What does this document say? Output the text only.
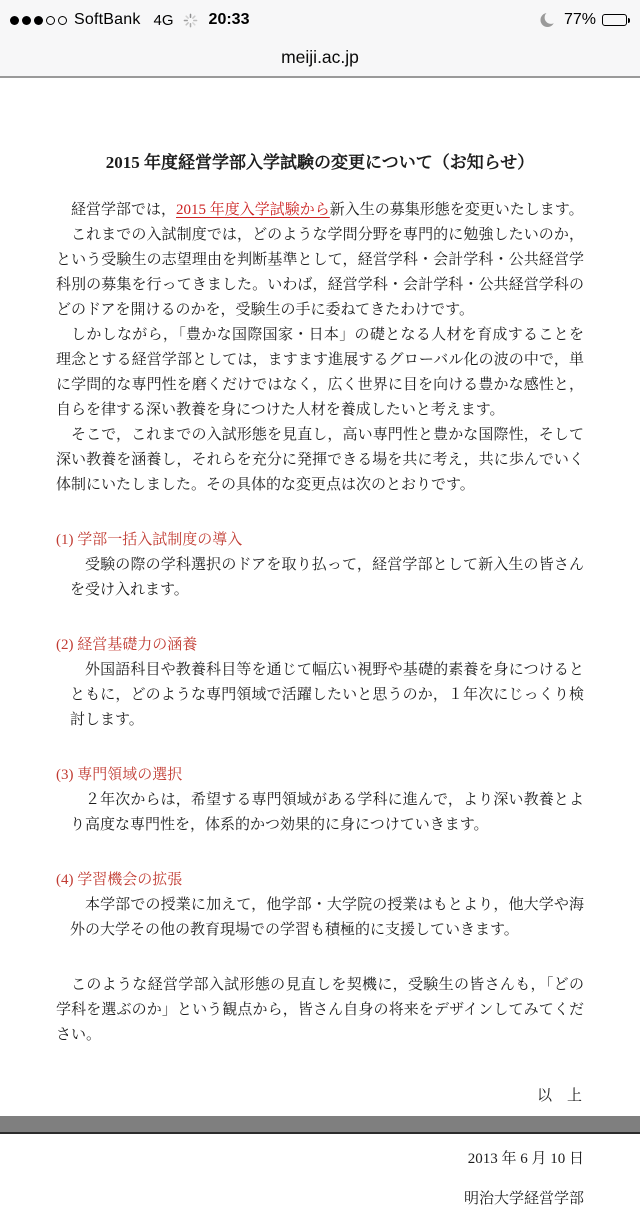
SoftBank 4G 20:33	77%
meiji.ac.jp
2015 年度経営学部入学試験の変更について（お知らせ）

経営学部では，2015 年度入学試験から新入生の募集形態を変更いたします。

これまでの入試制度では，どのような学問分野を専門的に勉強したいのか，という受験生の志望理由を判断基準として，経営学科・会計学科・公共経営学科別の募集を行ってきました。いわば，経営学科・会計学科・公共経営学科のどのドアを開けるのかを，受験生の手に委ねてきたわけです。

しかしながら，「豊かな国際国家・日本」の礎となる人材を育成することを理念とする経営学部としては，ますます進展するグローバル化の波の中で，単に学問的な専門性を磨くだけではなく，広く世界に目を向ける豊かな感性と，自らを律する深い教養を身につけた人材を養成したいと考えます。

そこで，これまでの入試形態を見直し，高い専門性と豊かな国際性，そして深い教養を涵養し，それらを充分に発揮できる場を共に考え，共に歩んでいく体制にいたしました。その具体的な変更点は次のとおりです。

(1) 学部一括入試制度の導入

受験の際の学科選択のドアを取り払って，経営学部として新入生の皆さんを受け入れます。

(2) 経営基礎力の涵養

外国語科目や教養科目等を通じて幅広い視野や基礎的素養を身につけるとともに，どのような専門領域で活躍したいと思うのか，１年次にじっくり検討します。

(3) 専門領域の選択

２年次からは，希望する専門領域がある学科に進んで，より深い教養とより高度な専門性を，体系的かつ効果的に身につけていきます。

(4) 学習機会の拡張

本学部での授業に加えて，他学部・大学院の授業はもとより，他大学や海外の大学その他の教育現場での学習も積極的に支援していきます。

このような経営学部入試形態の見直しを契機に，受験生の皆さんも，「どの学科を選ぶのか」という観点から，皆さん自身の将来をデザインしてみてください。

以　上

2013 年 6 月 10 日

明治大学経営学部
